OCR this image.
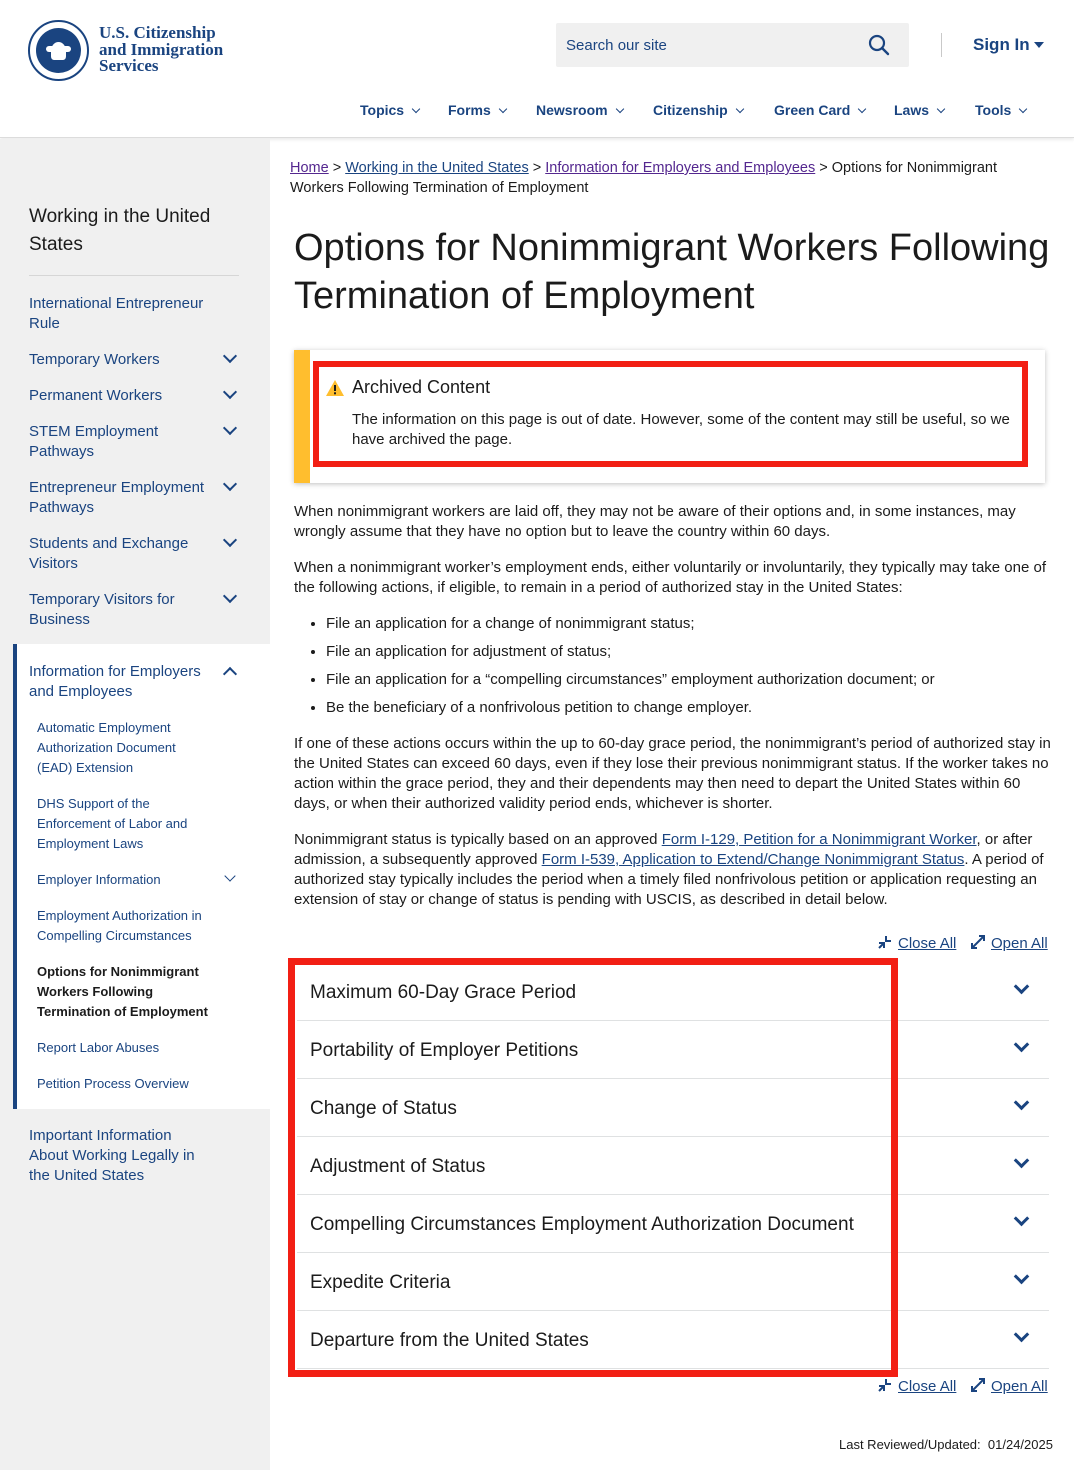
U.S. Citizenship
and Immigration
Services
Search our site
Sign In
Topics	Forms	Newsroom	Citizenship	Green Card	Laws	Tools
Working in the United States
International Entrepreneur Rule
Temporary Workers
Permanent Workers
STEM Employment Pathways
Entrepreneur Employment Pathways
Students and Exchange Visitors
Temporary Visitors for Business
Information for Employers and Employees
Automatic Employment Authorization Document (EAD) Extension
DHS Support of the Enforcement of Labor and Employment Laws
Employer Information
Employment Authorization in Compelling Circumstances
Options for Nonimmigrant Workers Following Termination of Employment
Report Labor Abuses
Petition Process Overview
Important Information About Working Legally in the United States
Home > Working in the United States > Information for Employers and Employees > Options for Nonimmigrant Workers Following Termination of Employment
Options for Nonimmigrant Workers Following Termination of Employment
Archived Content
The information on this page is out of date. However, some of the content may still be useful, so we have archived the page.

When nonimmigrant workers are laid off, they may not be aware of their options and, in some instances, may wrongly assume that they have no option but to leave the country within 60 days.

When a nonimmigrant worker’s employment ends, either voluntarily or involuntarily, they typically may take one of the following actions, if eligible, to remain in a period of authorized stay in the United States:

• File an application for a change of nonimmigrant status;
• File an application for adjustment of status;
• File an application for a “compelling circumstances” employment authorization document; or
• Be the beneficiary of a nonfrivolous petition to change employer.

If one of these actions occurs within the up to 60-day grace period, the nonimmigrant’s period of authorized stay in the United States can exceed 60 days, even if they lose their previous nonimmigrant status. If the worker takes no action within the grace period, they and their dependents may then need to depart the United States within 60 days, or when their authorized validity period ends, whichever is shorter.

Nonimmigrant status is typically based on an approved Form I-129, Petition for a Nonimmigrant Worker, or after admission, a subsequently approved Form I-539, Application to Extend/Change Nonimmigrant Status. A period of authorized stay typically includes the period when a timely filed nonfrivolous petition or application requesting an extension of stay or change of status is pending with USCIS, as described in detail below.

Close All	Open All
Maximum 60-Day Grace Period
Portability of Employer Petitions
Change of Status
Adjustment of Status
Compelling Circumstances Employment Authorization Document
Expedite Criteria
Departure from the United States
Close All	Open All
Last Reviewed/Updated: 01/24/2025
